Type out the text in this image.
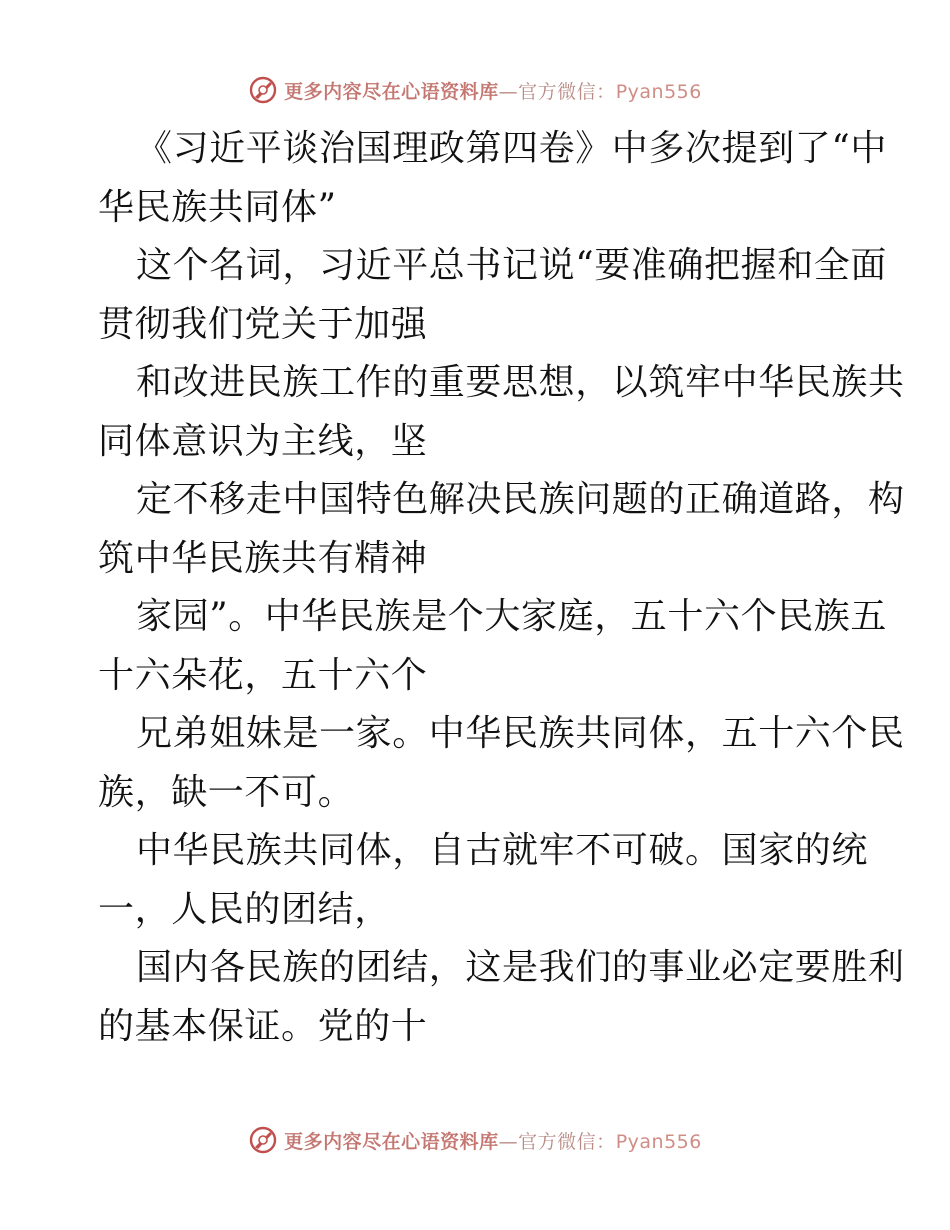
更多内容尽在心语资料库—官方微信：Pyan556
《习近平谈治国理政第四卷》中多次提到了“中
华民族共同体”
这个名词，习近平总书记说“要准确把握和全面
贯彻我们党关于加强
和改进民族工作的重要思想，以筑牢中华民族共
同体意识为主线，坚
定不移走中国特色解决民族问题的正确道路，构
筑中华民族共有精神
家园”。中华民族是个大家庭，五十六个民族五
十六朵花，五十六个
兄弟姐妹是一家。中华民族共同体，五十六个民
族，缺一不可。
中华民族共同体，自古就牢不可破。国家的统
一，人民的团结，
国内各民族的团结，这是我们的事业必定要胜利
的基本保证。党的十
更多内容尽在心语资料库—官方微信：Pyan556
